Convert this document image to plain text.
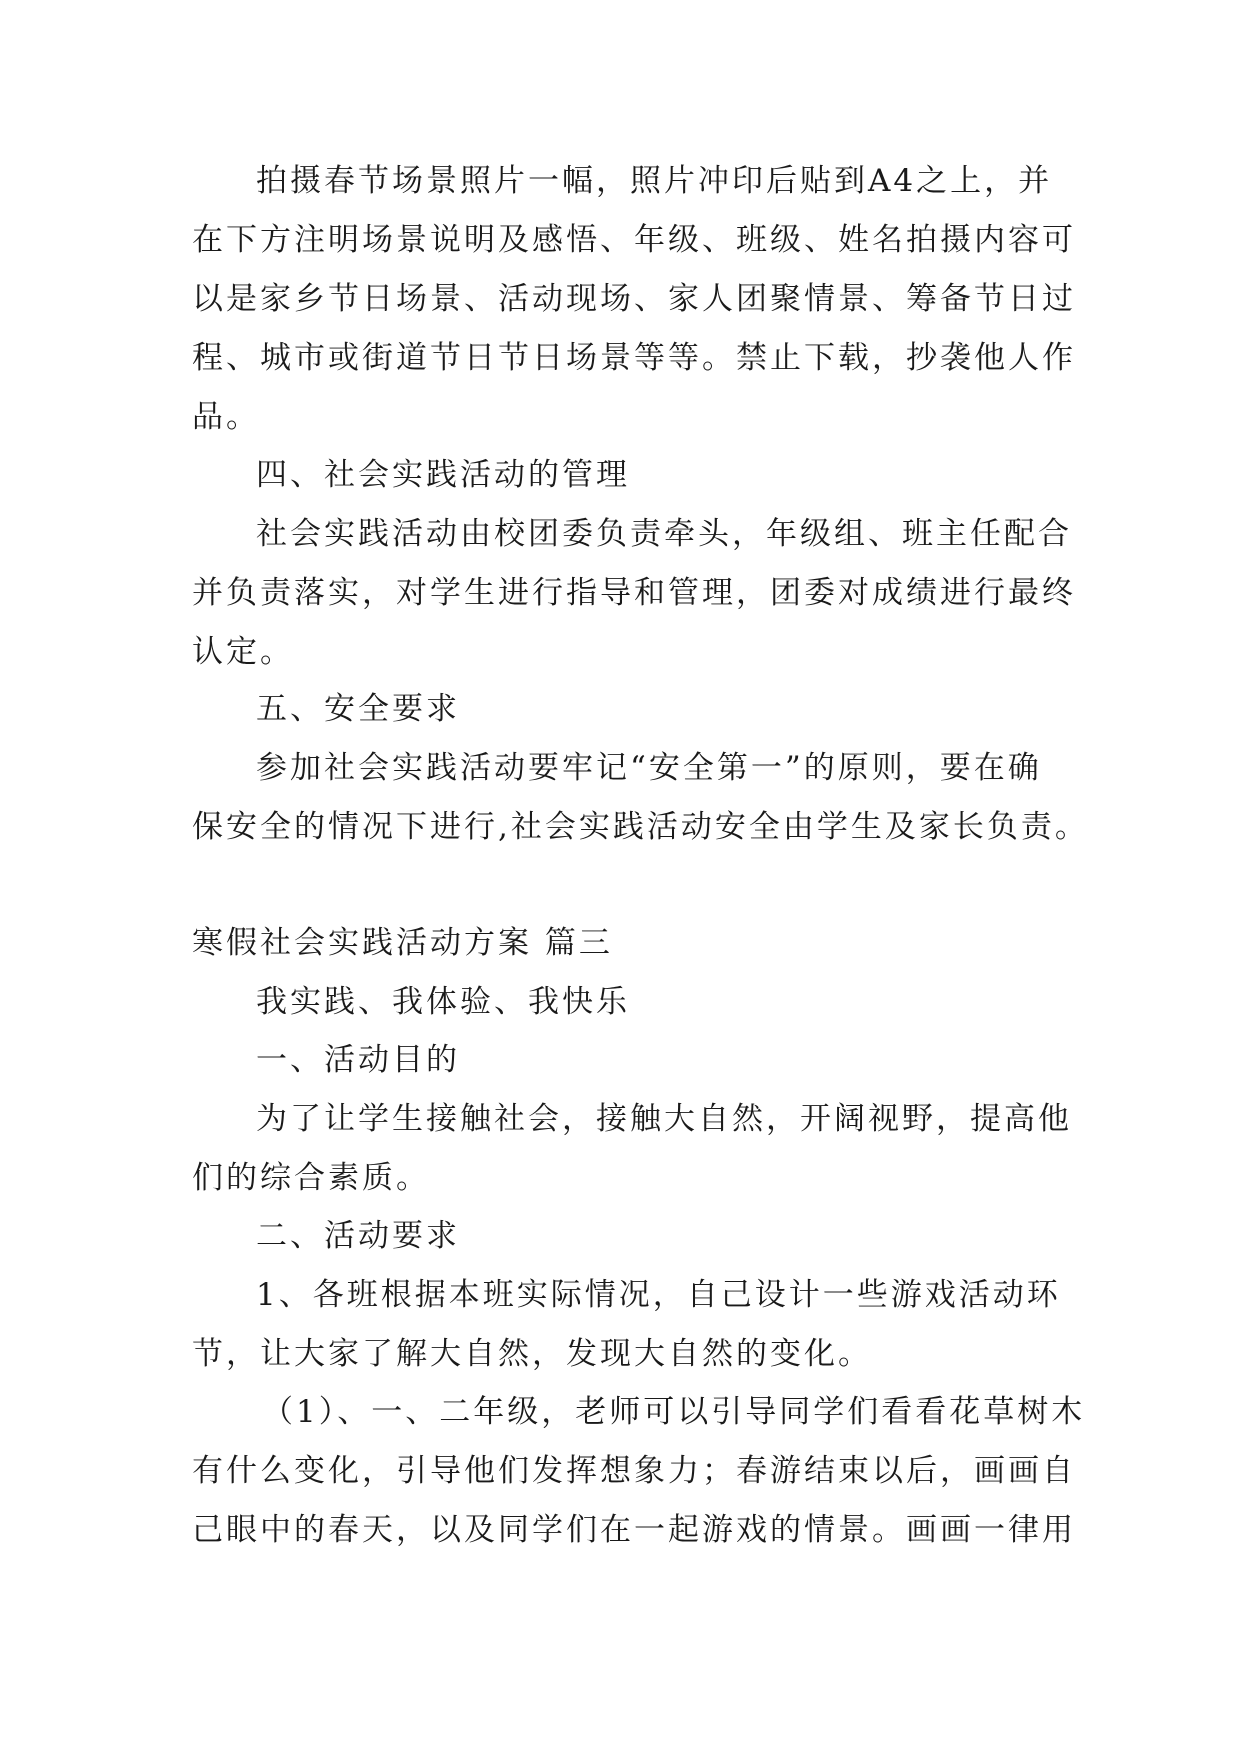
拍摄春节场景照片一幅，照片冲印后贴到A4之上，并
在下方注明场景说明及感悟、年级、班级、姓名拍摄内容可
以是家乡节日场景、活动现场、家人团聚情景、筹备节日过
程、城市或街道节日节日场景等等。禁止下载，抄袭他人作
品。
四、社会实践活动的管理
社会实践活动由校团委负责牵头，年级组、班主任配合
并负责落实，对学生进行指导和管理，团委对成绩进行最终
认定。
五、安全要求
参加社会实践活动要牢记“安全第一”的原则，要在确
保安全的情况下进行,社会实践活动安全由学生及家长负责。
寒假社会实践活动方案 篇三
我实践、我体验、我快乐
一、活动目的
为了让学生接触社会，接触大自然，开阔视野，提高他
们的综合素质。
二、活动要求
1、各班根据本班实际情况，自己设计一些游戏活动环
节，让大家了解大自然，发现大自然的变化。
（1）、一、二年级，老师可以引导同学们看看花草树木
有什么变化，引导他们发挥想象力；春游结束以后，画画自
己眼中的春天，以及同学们在一起游戏的情景。画画一律用
